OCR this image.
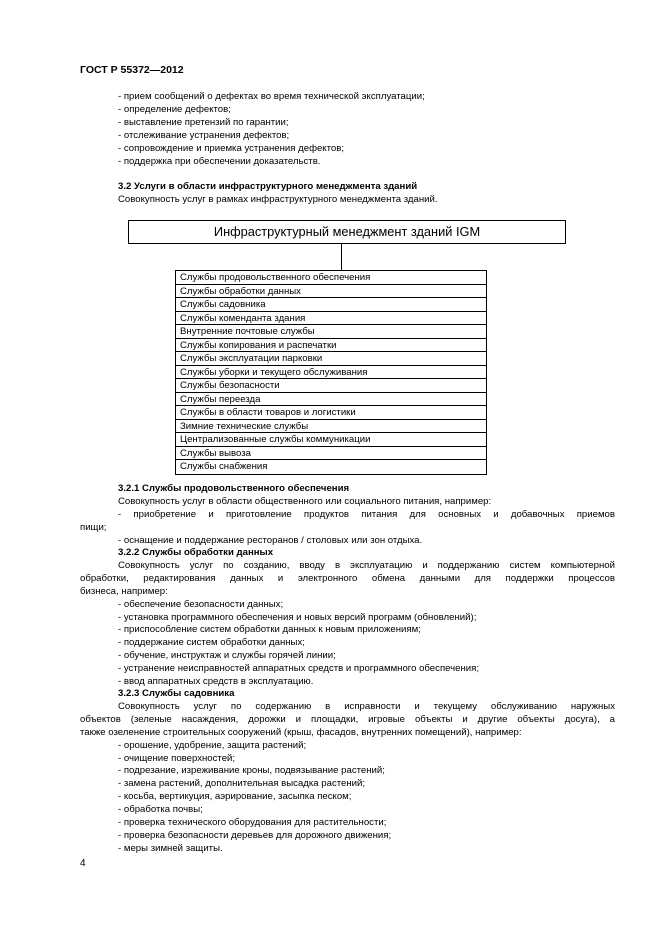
ГОСТ Р 55372—2012
- прием сообщений о дефектах во время технической эксплуатации;
- определение дефектов;
- выставление претензий по гарантии;
- отслеживание устранения дефектов;
- сопровождение и приемка устранения дефектов;
- поддержка при обеспечении доказательств.
3.2 Услуги в области инфраструктурного менеджмента зданий
Совокупность услуг в рамках инфраструктурного менеджмента зданий.
Инфраструктурный менеджмент зданий IGM
Службы продовольственного обеспечения
Службы обработки данных
Службы садовника
Службы коменданта здания
Внутренние почтовые службы
Службы копирования и распечатки
Службы эксплуатации парковки
Службы уборки и текущего обслуживания
Службы безопасности
Службы переезда
Службы в области товаров и логистики
Зимние технические службы
Централизованные службы коммуникации
Службы вывоза
Службы снабжения
3.2.1 Службы продовольственного обеспечения
Совокупность услуг в области общественного или социального питания, например:
- приобретение и приготовление продуктов питания для основных и добавочных приемов
пищи;
- оснащение и поддержание ресторанов / столовых или зон отдыха.
3.2.2 Службы обработки данных
Совокупность услуг по созданию, вводу в эксплуатацию и поддержанию систем компьютерной
обработки, редактирования данных и электронного обмена данными для поддержки процессов
бизнеса, например:
- обеспечение безопасности данных;
- установка программного обеспечения и новых версий программ (обновлений);
- приспособление систем обработки данных к новым приложениям;
- поддержание систем обработки данных;
- обучение, инструктаж и службы горячей линии;
- устранение неисправностей аппаратных средств и программного обеспечения;
- ввод аппаратных средств в эксплуатацию.
3.2.3 Службы садовника
Совокупность услуг по содержанию в исправности и текущему обслуживанию наружных
объектов (зеленые насаждения, дорожки и площадки, игровые объекты и другие объекты досуга), а
также озеленение строительных сооружений (крыш, фасадов, внутренних помещений), например:
- орошение, удобрение, защита растений;
- очищение поверхностей;
- подрезание, изреживание кроны, подвязывание растений;
- замена растений, дополнительная высадка растений;
- косьба, вертикуция, аэрирование, засыпка песком;
- обработка почвы;
- проверка технического оборудования для растительности;
- проверка безопасности деревьев для дорожного движения;
- меры зимней защиты.
4
